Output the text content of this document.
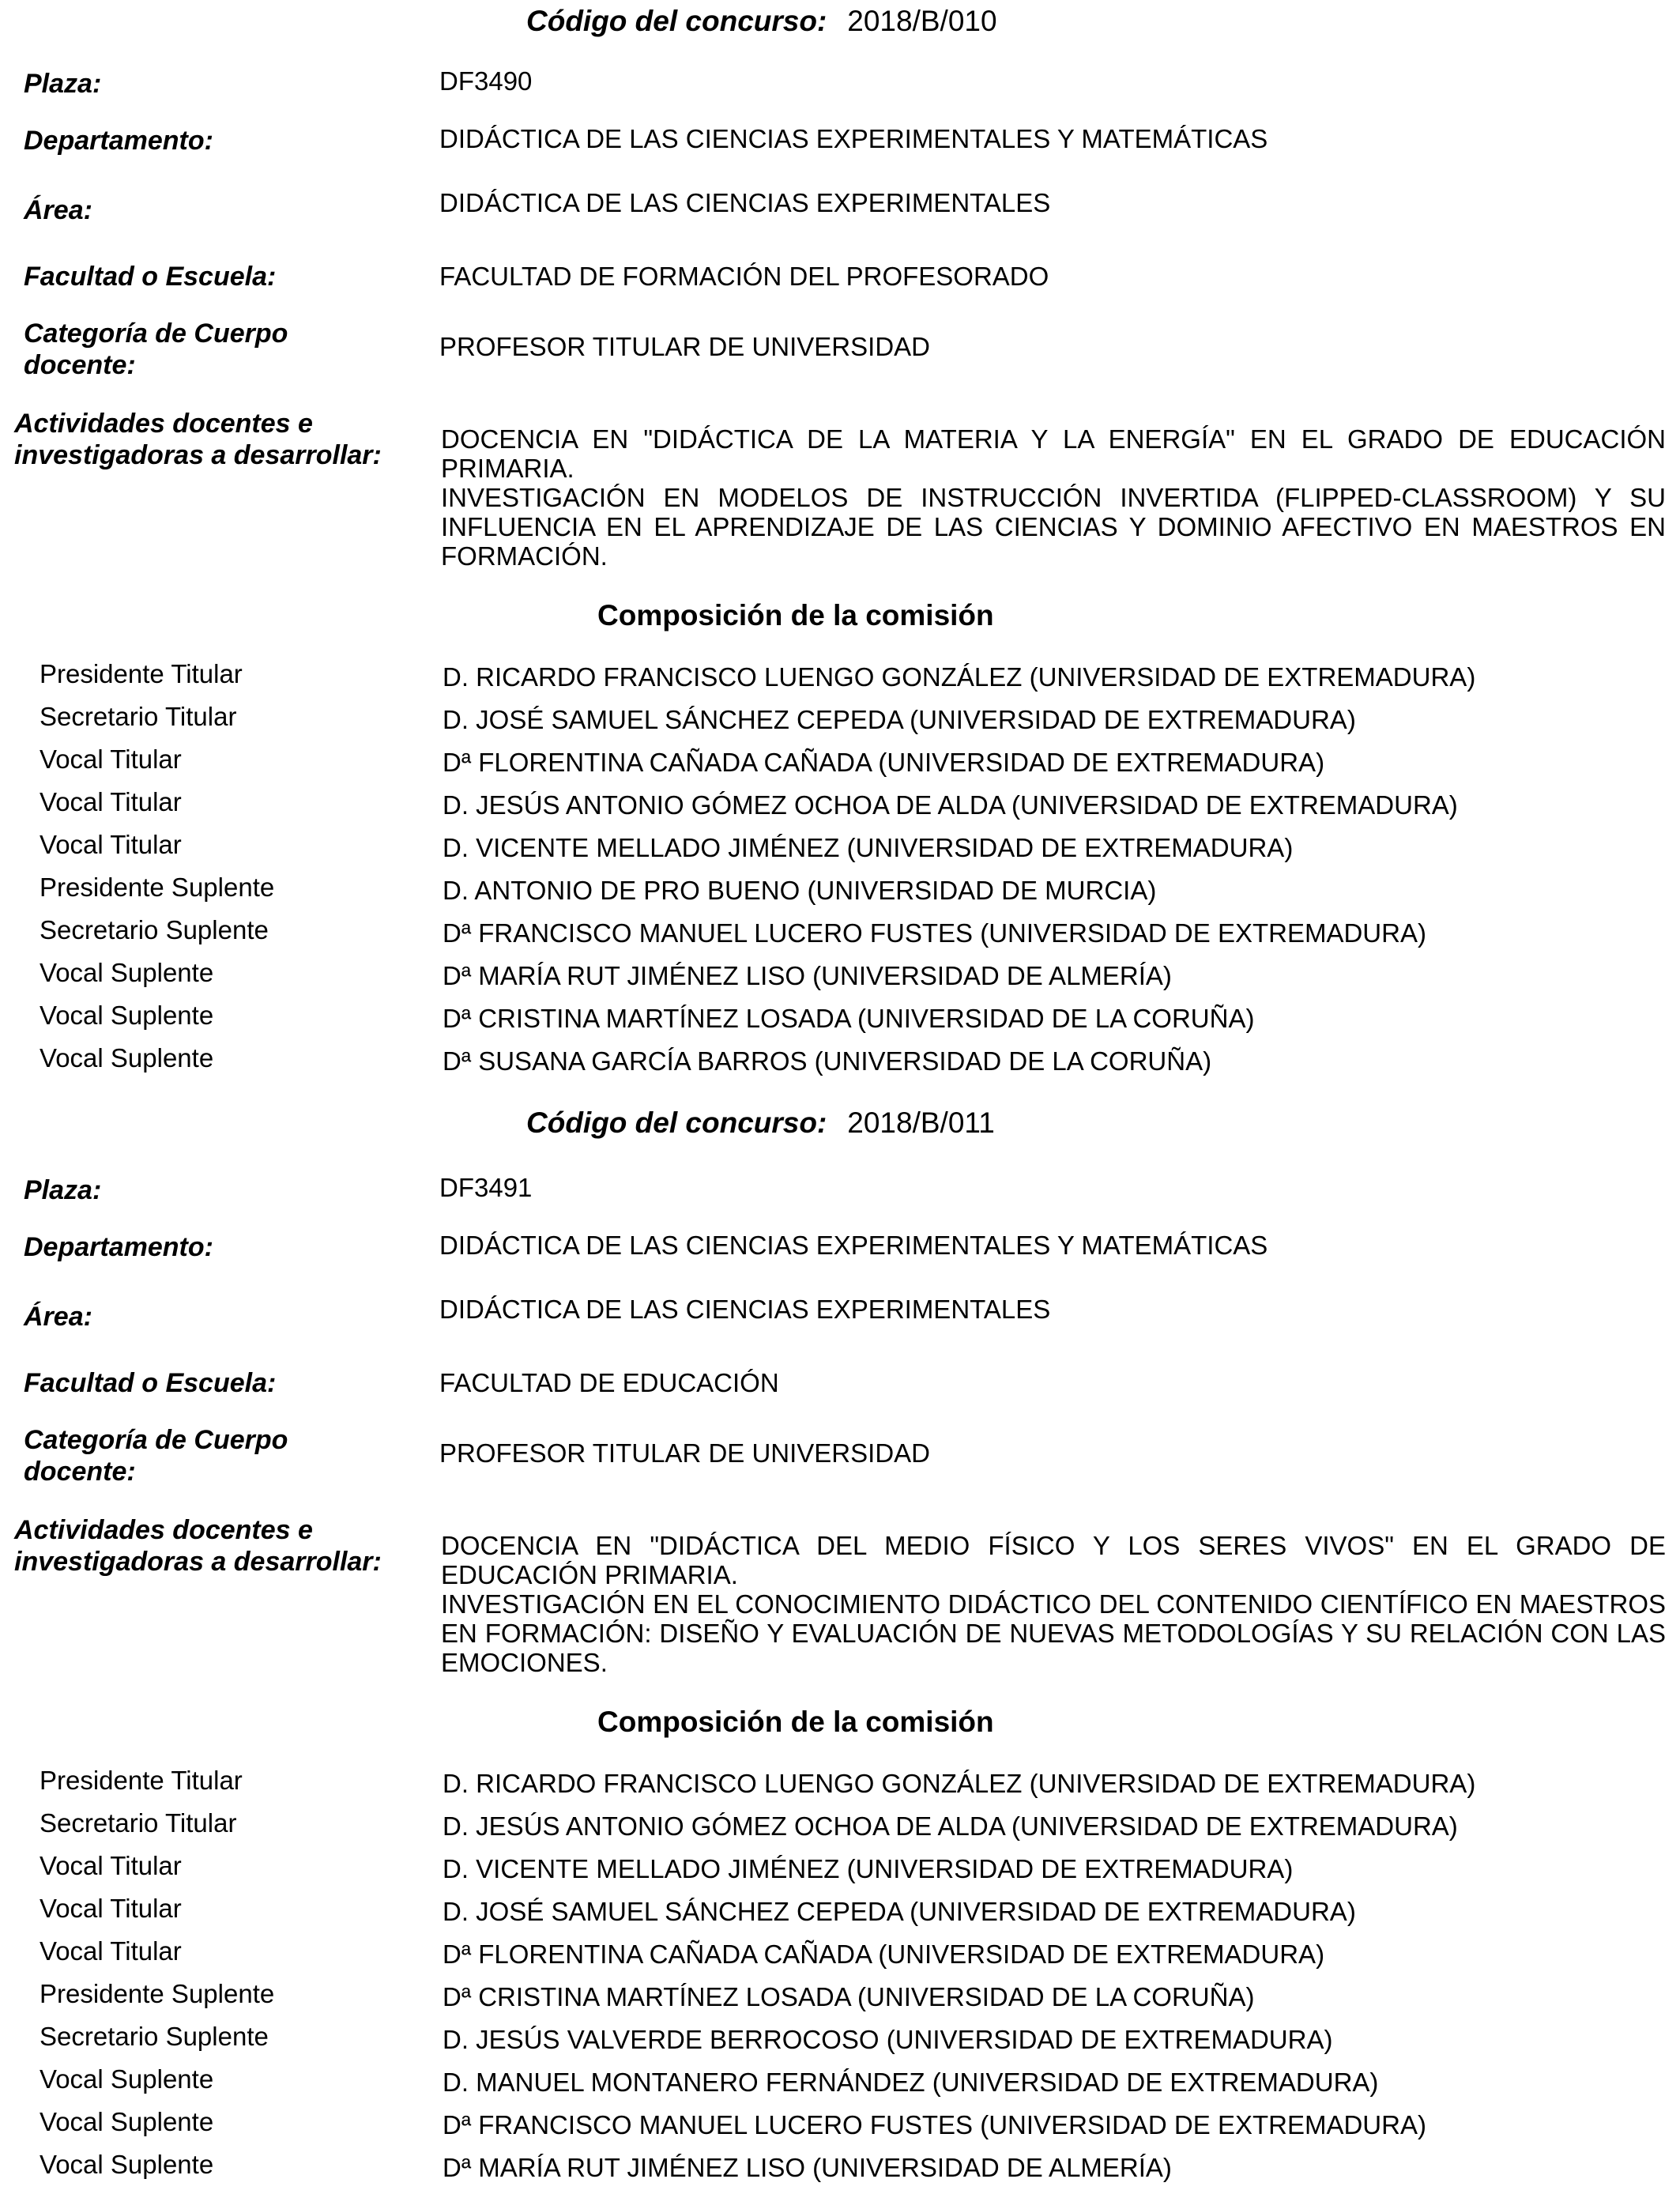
Código del concurso: 2018/B/010
Plaza:	DF3490
Departamento:	DIDÁCTICA DE LAS CIENCIAS EXPERIMENTALES Y MATEMÁTICAS
Área:	DIDÁCTICA DE LAS CIENCIAS EXPERIMENTALES
Facultad o Escuela:	FACULTAD DE FORMACIÓN DEL PROFESORADO
Categoría de Cuerpo
docente:
PROFESOR TITULAR DE UNIVERSIDAD
Actividades docentes e
investigadoras a desarrollar:

DOCENCIA EN "DIDÁCTICA DE LA MATERIA Y LA ENERGÍA" EN EL GRADO DE EDUCACIÓN PRIMARIA.

INVESTIGACIÓN EN MODELOS DE INSTRUCCIÓN INVERTIDA (FLIPPED-CLASSROOM) Y SU INFLUENCIA EN EL APRENDIZAJE DE LAS CIENCIAS Y DOMINIO AFECTIVO EN MAESTROS EN FORMACIÓN.

Composición de la comisión
Presidente Titular	D. RICARDO FRANCISCO LUENGO GONZÁLEZ (UNIVERSIDAD DE EXTREMADURA)
Secretario Titular	D. JOSÉ SAMUEL SÁNCHEZ CEPEDA (UNIVERSIDAD DE EXTREMADURA)
Vocal Titular	Dª FLORENTINA CAÑADA CAÑADA (UNIVERSIDAD DE EXTREMADURA)
Vocal Titular	D. JESÚS ANTONIO GÓMEZ OCHOA DE ALDA (UNIVERSIDAD DE EXTREMADURA)
Vocal Titular	D. VICENTE MELLADO JIMÉNEZ (UNIVERSIDAD DE EXTREMADURA)
Presidente Suplente	D. ANTONIO DE PRO BUENO (UNIVERSIDAD DE MURCIA)
Secretario Suplente	Dª FRANCISCO MANUEL LUCERO FUSTES (UNIVERSIDAD DE EXTREMADURA)
Vocal Suplente	Dª MARÍA RUT JIMÉNEZ LISO (UNIVERSIDAD DE ALMERÍA)
Vocal Suplente	Dª CRISTINA MARTÍNEZ LOSADA (UNIVERSIDAD DE LA CORUÑA)
Vocal Suplente	Dª SUSANA GARCÍA BARROS (UNIVERSIDAD DE LA CORUÑA)
Código del concurso: 2018/B/011
Plaza:	DF3491
Departamento:	DIDÁCTICA DE LAS CIENCIAS EXPERIMENTALES Y MATEMÁTICAS
Área:	DIDÁCTICA DE LAS CIENCIAS EXPERIMENTALES
Facultad o Escuela:	FACULTAD DE EDUCACIÓN
Categoría de Cuerpo
docente:
PROFESOR TITULAR DE UNIVERSIDAD
Actividades docentes e
investigadoras a desarrollar:

DOCENCIA EN "DIDÁCTICA DEL MEDIO FÍSICO Y LOS SERES VIVOS" EN EL GRADO DE EDUCACIÓN PRIMARIA.

INVESTIGACIÓN EN EL CONOCIMIENTO DIDÁCTICO DEL CONTENIDO CIENTÍFICO EN MAESTROS EN FORMACIÓN: DISEÑO Y EVALUACIÓN DE NUEVAS METODOLOGÍAS Y SU RELACIÓN CON LAS EMOCIONES.

Composición de la comisión
Presidente Titular	D. RICARDO FRANCISCO LUENGO GONZÁLEZ (UNIVERSIDAD DE EXTREMADURA)
Secretario Titular	D. JESÚS ANTONIO GÓMEZ OCHOA DE ALDA (UNIVERSIDAD DE EXTREMADURA)
Vocal Titular	D. VICENTE MELLADO JIMÉNEZ (UNIVERSIDAD DE EXTREMADURA)
Vocal Titular	D. JOSÉ SAMUEL SÁNCHEZ CEPEDA (UNIVERSIDAD DE EXTREMADURA)
Vocal Titular	Dª FLORENTINA CAÑADA CAÑADA (UNIVERSIDAD DE EXTREMADURA)
Presidente Suplente	Dª CRISTINA MARTÍNEZ LOSADA (UNIVERSIDAD DE LA CORUÑA)
Secretario Suplente	D. JESÚS VALVERDE BERROCOSO (UNIVERSIDAD DE EXTREMADURA)
Vocal Suplente	D. MANUEL MONTANERO FERNÁNDEZ (UNIVERSIDAD DE EXTREMADURA)
Vocal Suplente	Dª FRANCISCO MANUEL LUCERO FUSTES (UNIVERSIDAD DE EXTREMADURA)
Vocal Suplente	Dª MARÍA RUT JIMÉNEZ LISO (UNIVERSIDAD DE ALMERÍA)
